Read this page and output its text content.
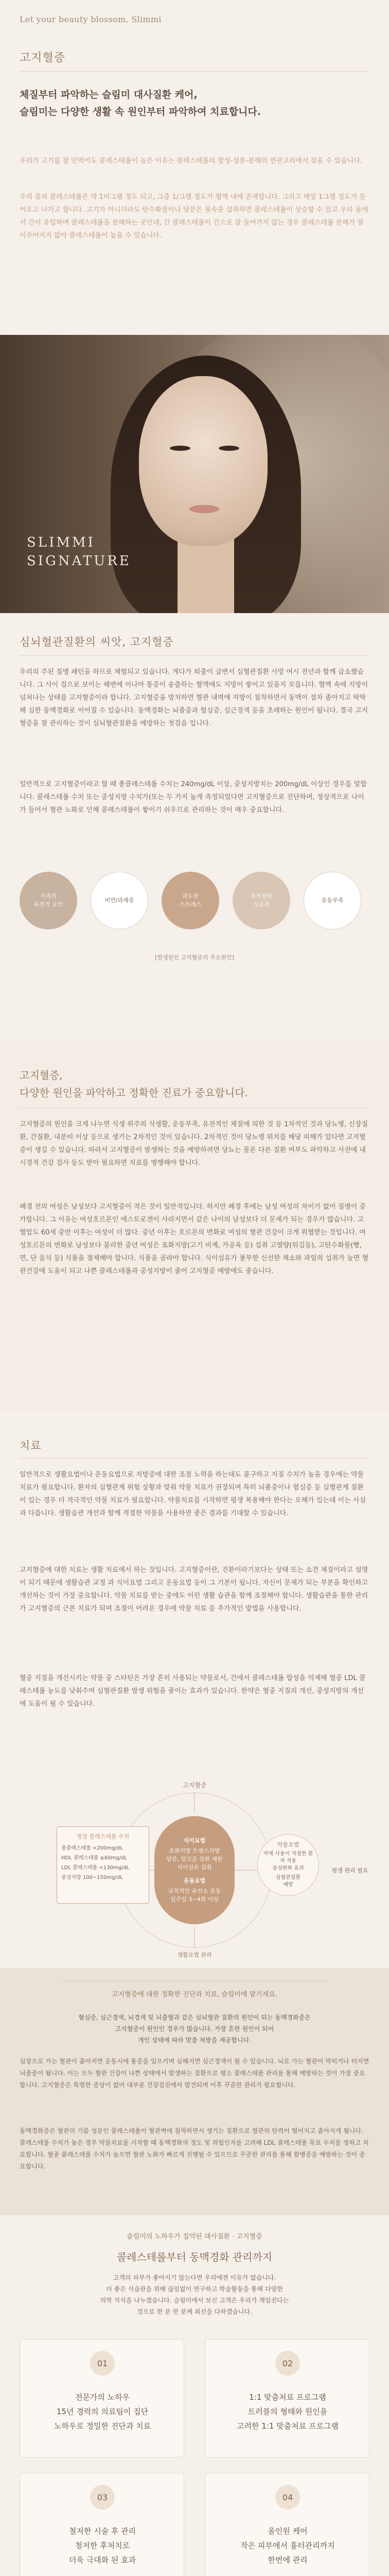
Let your beauty blossom, Slimmi
고지혈증
체질부터 파악하는 슬림미 대사질환 케어,
슬림미는 다양한 생활 속 원인부터 파악하여 치료합니다.
우리가 고기를 잘 안먹어도 콜레스테롤이 높은 이유는 콜레스테롤의 합성-성분-분해의 연관고리에서 찾을 수 있습니다.
우리 몸의 콜레스테롤은 약 1비그램 정도 되고, 그중 1/그램 정도가 혈액 내에 존재합니다. 그리고 매일 1그램 정도가 들어오고 나가고 합니다. 고기가 아니더라도 탄수화물이나 당분은 몸속을 섭취하면 콜레스테롤이 상승할 수 있고 우리 몸에서 간이 유입하며 콜레스테롤을 분해하는 곳인데, 간 콜레스테롤이 간으로 잘 들어가지 않는 경우 콜레스테롤 분해가 잘 이루어지지 않아 콜레스테롤이 높을 수 있습니다.
SLIMMI
SIGNATURE
심뇌혈관질환의 씨앗, 고지혈증
우리의 주된 질병 패턴을 하므로 체험되고 있습니다. 게다가 퇴출이 급변서 심혈관질환 사망 여시 전년과 함께 급소했습니다. 그 사이 걸으로 보이는 혜변에 이나마 통증이 송출하는 혈액에도 지방이 쌓이고 있을지 모릅니다. 혈액 속에 지방이 넘쳐나는 상태를 고지혈증이라 합니다. 고지혈증을 방치하면 혈관 내벽에 지방이 침착하면서 동맥이 점차 좁아지고 딱딱해 심한 동맥경화로 이어질 수 있습니다. 동맥경화는 뇌졸중과 협심증, 심근경색 등을 초래하는 원인이 됩니다. 결국 고지혈증을 잘 관리하는 것이 심뇌혈관질환을 예방하는 첫걸음 입니다.
일반적으로 고지혈증이라고 할 때 총콜레스테롤 수치는 240mg/dL 이상, 중성지방치는 200mg/dL 이상인 경우를 말합니다. 콜레스테롤 수치 또는 중성지방 수치가(또는 두 가지 높게 측정되었다면 고지혈증으로 진단하며, 정상적으로 나이가 들어서 혈관 노화로 인해 콜레스테롤이 쌓이기 쉬우므로 관리하는 것이 매우 중요합니다.
가족력
유전적 요인
비만/과체중
과도한
스트레스
부적절한
식습관
운동부족
[발생원인 고지혈증의 주요원인]
고지혈증,
다양한 원인을 파악하고 정확한 진료가 중요합니다.
고지혈증의 원인을 크게 나누면 식생 위주의 식생활, 운동부족, 유전적인 체질에 의한 것 등 1차적인 것과 당뇨병, 신장질환, 간질환, 내분비 이상 등으로 생기는 2차적인 것이 있습니다. 2차적인 것이 당뇨병 위치를 해당 피해가 있다면 고지혈증이 생길 수 있습니다. 따라서 고지혈증이 발생하는 것을 예방하려면 당뇨는 물론 다른 질환 여부도 파악하고 사전에 내시경적 건강 검사 등도 받아 필요하면 치료를 병행해야 합니다.
폐경 전의 여성은 남성보다 고지혈증이 적은 것이 일반적입니다. 하지만 폐경 후에는 남성 여성의 차이가 없어 질병이 증가합니다. 그 이유는 여성호르몬인 에스트로겐이 사라지면서 같은 나이의 남성보다 더 문제가 되는 경우가 많습니다. 고혈압도 60세 중반 이후는 여성이 더 많다. 중년 이후는 호르몬의 변화로 여성의 혈관 건강이 크게 위협받는 것입니다. 여성호르몬의 변화로 남성보다 불리한 중년 여성은 포화지방(고기 비계, 가공육 등) 섭취 고열량(튀김등), 고탄수화물(빵, 면, 단 음식 등) 식품을 절제해야 합니다. 식품을 골라야 합니다. 식이섬유가 풍부한 신선한 채소와 과일의 섭취가 늘면 혈관건강에 도움이 되고 나쁜 콜레스테롤과 중성지방이 줄어 고지혈증 예방에도 좋습니다.
치료
일반적으로 생활요법이나 운동요법으로 지방증에 대한 조절 노력을 하는데도 불구하고 지질 수치가 높을 경우에는 약물치료가 필요합니다. 환자의 심혈관계 위험 상황과 맞춰 약물 치료가 권장되며 특히 뇌졸중이나 협심증 등 심혈관계 질환이 있는 경우 더 적극적인 약물 치료가 필요합니다. 약물치료를 시작하면 평생 복용해야 한다는 오해가 있는데 이는 사실과 다릅니다. 생활습관 개선과 함께 적절한 약물을 사용하면 좋은 결과를 기대할 수 있습니다.
고지혈증에 대한 치료는 생활 치료에서 하는 것입니다. 고지혈증이란, 진환이라기보다는 상태 또는 소견 체질이라고 설명이 되기 때문에 생활습관 교정 과 식이요법 그리고 운동요법 등이 그 기본이 됩니다. 자신이 문제가 되는 부분을 확인하고 개선하는 것이 가장 중요합니다. 약물 치료를 받는 중에도 이런 생활 습관을 함께 조절해야 합니다. 생활습관을 통한 관리가 고지혈증의 근본 치료가 되며 조절이 어려운 경우에 약물 치료 등 추가적인 방법을 사용합니다.
혈중 지질을 개선시키는 약물 중 스타틴은 가장 흔히 사용되는 약물로서, 간에서 콜레스테롤 합성을 억제해 혈중 LDL 콜레스테롤 농도를 낮춰주며 심혈관질환 발생 위험을 줄이는 효과가 있습니다. 한약은 혈중 지질의 개선, 중성지방의 개선에 도움이 될 수 있습니다.
고지혈증
정상 콜레스테롤 수치
총콜레스테롤 <200mg/dL
HDL 콜레스테롤 ≥60mg/dL
LDL 콜레스테롤 <130mg/dL
중성지방 100~150mg/dL
식이요법
포화지방 트랜스지방
당분, 알코올 섭취 제한
식이섬유 섭취
운동요법
규칙적인 유산소 운동
일주일 3~4회 이상
약물요법
약제 사용이 적절한 환자 적용
증상완화 효과
심혈관질환
예방
평생 관리 필요
생활요법 관리
고지혈증에 대한 정확한 진단과 치료, 슬림미에 맡기세요.
협심증, 심근경색, 뇌경색 및 뇌출혈과 같은 심뇌혈관 질환의 원인이 되는 동맥경화증은
고지혈증이 원인인 경우가 많습니다. 가장 흔한 원인이 되어
개인 상태에 따라 맞춤 처방을 제공합니다.
심장으로 가는 혈관이 좁아지면 운동시에 통증을 일으키며 심해지면 심근경색이 될 수 있습니다. 뇌로 가는 혈관이 막히거나 터지면 뇌졸중이 됩니다. 이는 모두 혈관 건강이 나쁜 상태에서 발생하는 질환으로 평소 콜레스테롤 관리를 통해 예방하는 것이 가장 중요합니다. 고지혈증은 특별한 증상이 없어 대부분 건강검진에서 발견되며 이후 꾸준한 관리가 필요합니다.
동맥경화증은 혈관의 기름 성분인 콜레스테롤이 혈관벽에 침착하면서 생기는 질환으로 혈관의 탄력이 떨어지고 좁아지게 됩니다. 콜레스테롤 수치가 높은 경우 약물치료를 시작할 때 동맥경화의 정도 및 위험인자를 고려해 LDL 콜레스테롤 목표 수치를 정하고 치료합니다. 혈중 콜레스테롤 수치가 높으면 혈관 노화가 빠르게 진행될 수 있으므로 꾸준한 관리를 통해 합병증을 예방하는 것이 중요합니다.
슬림미의 노하우가 집약된 대사질환 · 고지혈증
콜레스테롤부터 동맥경화 관리까지
고객의 피부가 좋아지기 않는다면 우리에겐 이유가 없습니다.
더 좋은 식습관을 위해 끊임없이 연구하고 학술활동을 통해 다양한
의학 지식을 나누겠습니다. 슬림미에서 보신 고객은 우리가 책임진다는
것으로 한 분 한 분께 최선을 다하겠습니다.
01
전문가의 노하우
15년 경력의 의료팀이 집단
노하우로 정밀한 진단과 치료
02
1:1 맞춤처료 프로그램
트러블의 형태와 원인을
고려한 1:1 맞춤처료 프로그램
03
철저한 시술 후 관리
철저한 후처치로
더욱 극대화 된 효과
04
올인원 케어
작은 피부에서 흉터관리까지
한번에 관리
